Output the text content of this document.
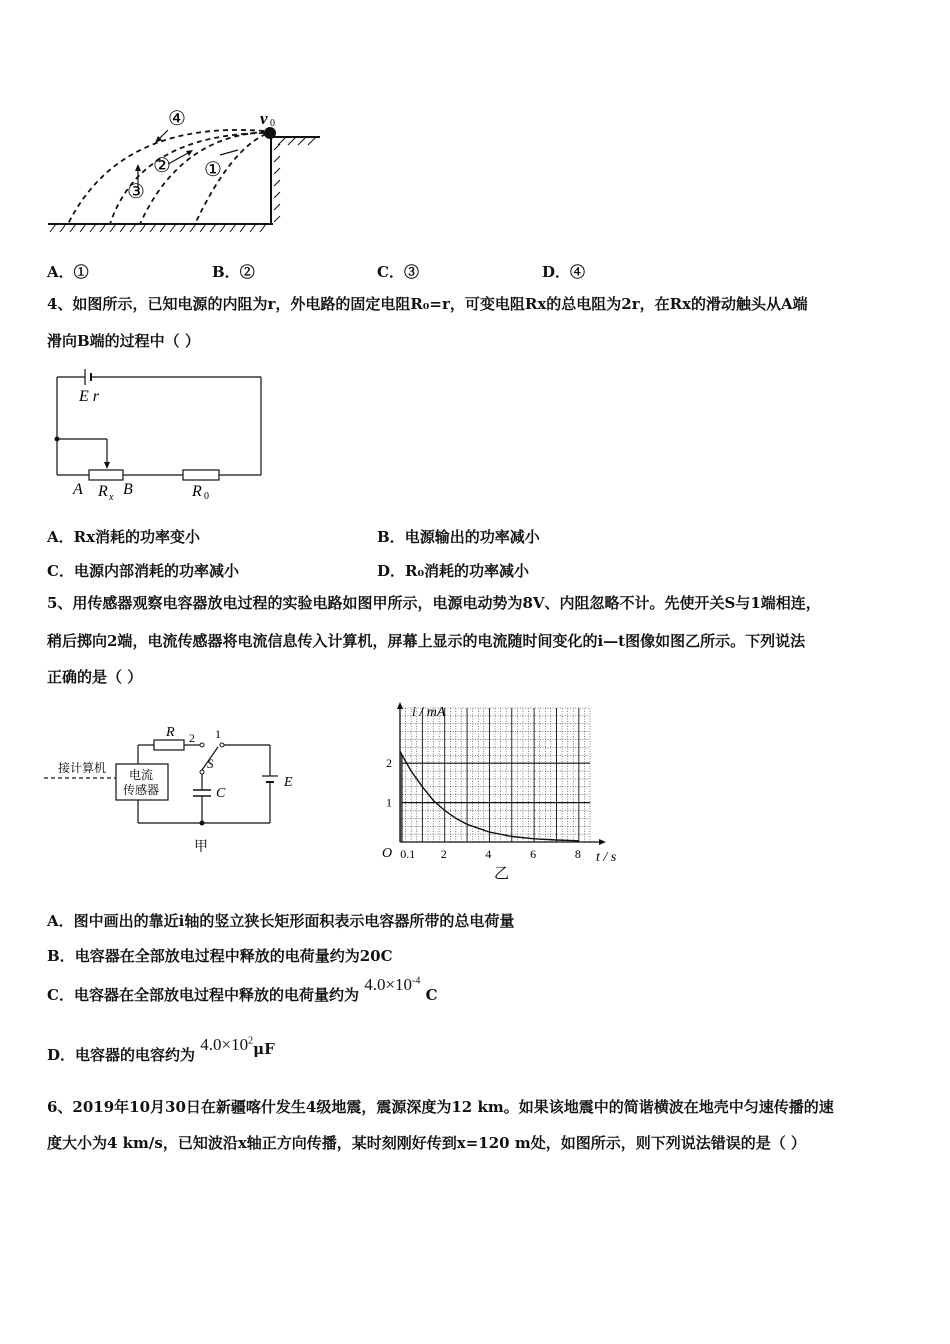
v 0
④
② ①
③
A．①	B．②	C．③	D．④
4、如图所示，已知电源的内阻为r，外电路的固定电阻R₀=r，可变电阻Rx的总电阻为2r，在Rx的滑动触头从A端
滑向B端的过程中（ ）
E r
A R x B	R 0
A．Rx消耗的功率变小	B．电源输出的功率减小
C．电源内部消耗的功率减小	D．R₀消耗的功率减小
5、用传感器观察电容器放电过程的实验电路如图甲所示，电源电动势为8V、内阻忽略不计。先使开关S与1端相连，
稍后掷向2端，电流传感器将电流信息传入计算机，屏幕上显示的电流随时间变化的i—t图像如图乙所示。下列说法
正确的是（ ）
接计算机 电流
传感器
R 2 1
S
C
E
甲	0.1 2	4	6	8
1
2
i / mA
t / s
O
乙
A．图中画出的靠近i轴的竖立狭长矩形面积表示电容器所带的总电荷量
B．电容器在全部放电过程中释放的电荷量约为20C
C．电容器在全部放电过程中释放的电荷量约为 $4.0\times 10^{-4}$ C
D．电容器的电容约为 $4.0\times 10^2\mu F$
6、2019年10月30日在新疆喀什发生4级地震，震源深度为12 km。如果该地震中的简谐横波在地壳中匀速传播的速
度大小为4 km/s，已知波沿x轴正方向传播，某时刻刚好传到x=120 m处，如图所示，则下列说法错误的是（ ）
